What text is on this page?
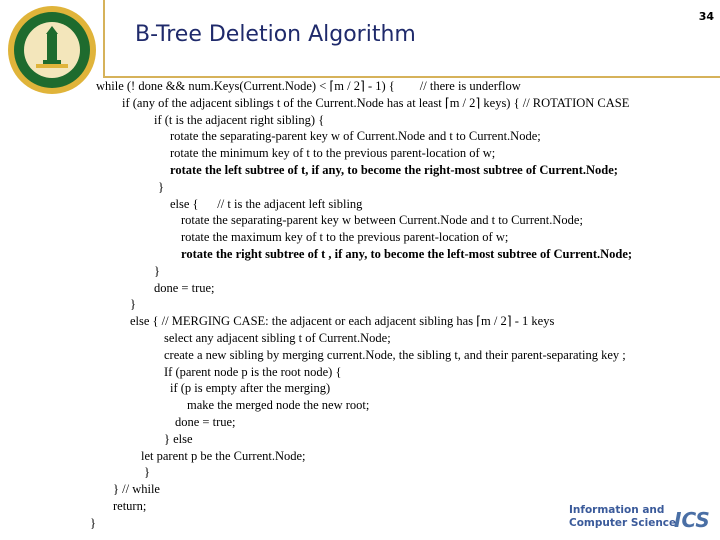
B-Tree Deletion Algorithm
34
while (! done && num.Keys(Current.Node) < ⌈m / 2⌉ - 1) {        // there is underflow
if (any of the adjacent siblings t of the Current.Node has at least ⌈m / 2⌉ keys) { // ROTATION CASE
if (t is the adjacent right sibling) {
rotate the separating-parent key w of Current.Node and t to Current.Node;
rotate the minimum key of t to the previous parent-location of w;
rotate the left subtree of t, if any, to become the right-most subtree of Current.Node;
}
else {      // t is the adjacent left sibling
rotate the separating-parent key w between Current.Node and t to Current.Node;
rotate the maximum key of t to the previous parent-location of w;
rotate the right subtree of t , if any, to become the left-most subtree of Current.Node;
}
done = true;
}
else { // MERGING CASE: the adjacent or each adjacent sibling has ⌈m / 2⌉ - 1 keys
select any adjacent sibling t of Current.Node;
create a new sibling by merging current.Node, the sibling t, and their parent-separating key ;
If (parent node p is the root node) {
if (p is empty after the merging)
make the merged node the new root;
done = true;
} else
let parent p be the Current.Node;
}
} // while
return;
}
Information and
Computer Science
ICS
